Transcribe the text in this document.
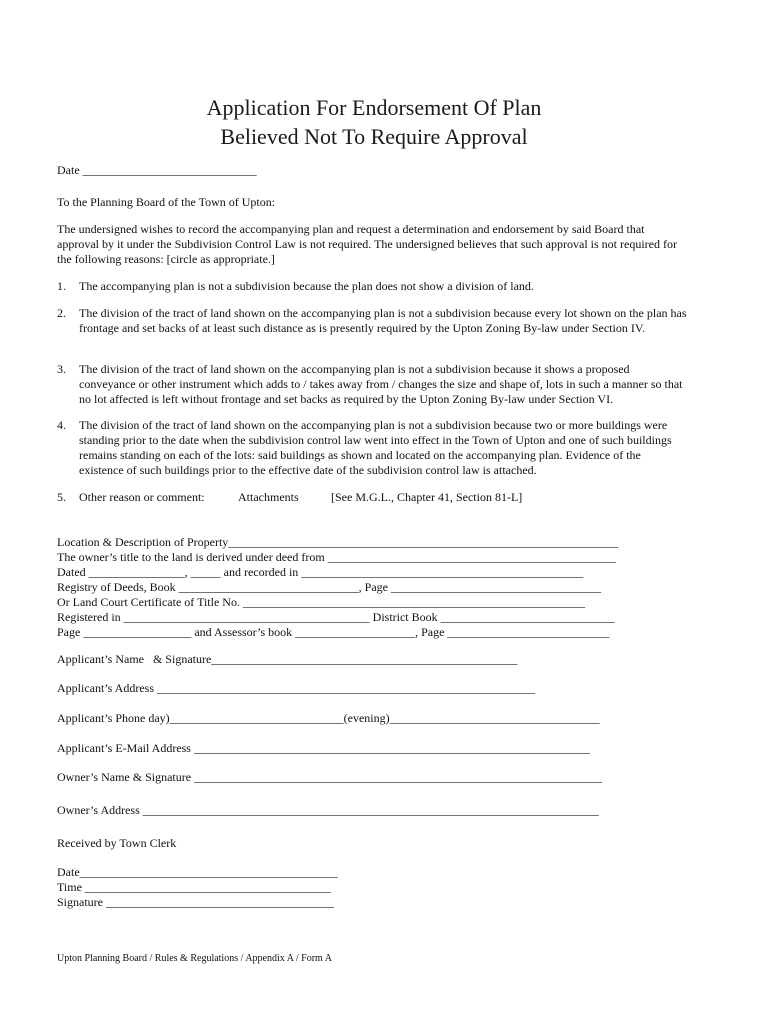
Application For Endorsement Of Plan
Believed Not To Require Approval
Date _____________________________
To the Planning Board of the Town of Upton:
The undersigned wishes to record the accompanying plan and request a determination and endorsement by said Board that approval by it under the Subdivision Control Law is not required. The undersigned believes that such approval is not required for the following reasons: [circle as appropriate.]
1. The accompanying plan is not a subdivision because the plan does not show a division of land.
2. The division of the tract of land shown on the accompanying plan is not a subdivision because every lot shown on the plan has frontage and set backs of at least such distance as is presently required by the Upton Zoning By-law under Section IV.
3. The division of the tract of land shown on the accompanying plan is not a subdivision because it shows a proposed conveyance or other instrument which adds to / takes away from / changes the size and shape of, lots in such a manner so that no lot affected is left without frontage and set backs as required by the Upton Zoning By-law under Section VI.
4. The division of the tract of land shown on the accompanying plan is not a subdivision because two or more buildings were standing prior to the date when the subdivision control law went into effect in the Town of Upton and one of such buildings remains standing on each of the lots: said buildings as shown and located on the accompanying plan. Evidence of the existence of such buildings prior to the effective date of the subdivision control law is attached.
5. Other reason or comment:	Attachments	[See M.G.L., Chapter 41, Section 81-L]
Location & Description of Property_________________________________________________________________
The owner’s title to the land is derived under deed from ________________________________________________
Dated ________________, _____ and recorded in _______________________________________________
Registry of Deeds, Book ______________________________, Page ___________________________________
Or Land Court Certificate of Title No. _________________________________________________________
Registered in _________________________________________ District Book _____________________________
Page __________________ and Assessor’s book ____________________, Page ___________________________
Applicant’s Name   & Signature___________________________________________________
Applicant’s Address _______________________________________________________________
Applicant’s Phone day)_____________________________(evening)___________________________________
Applicant’s E-Mail Address __________________________________________________________________
Owner’s Name & Signature ____________________________________________________________________
Owner’s Address ____________________________________________________________________________
Received by Town Clerk
Date___________________________________________
Time _________________________________________
Signature ______________________________________
Upton Planning Board / Rules & Regulations / Appendix A / Form A
